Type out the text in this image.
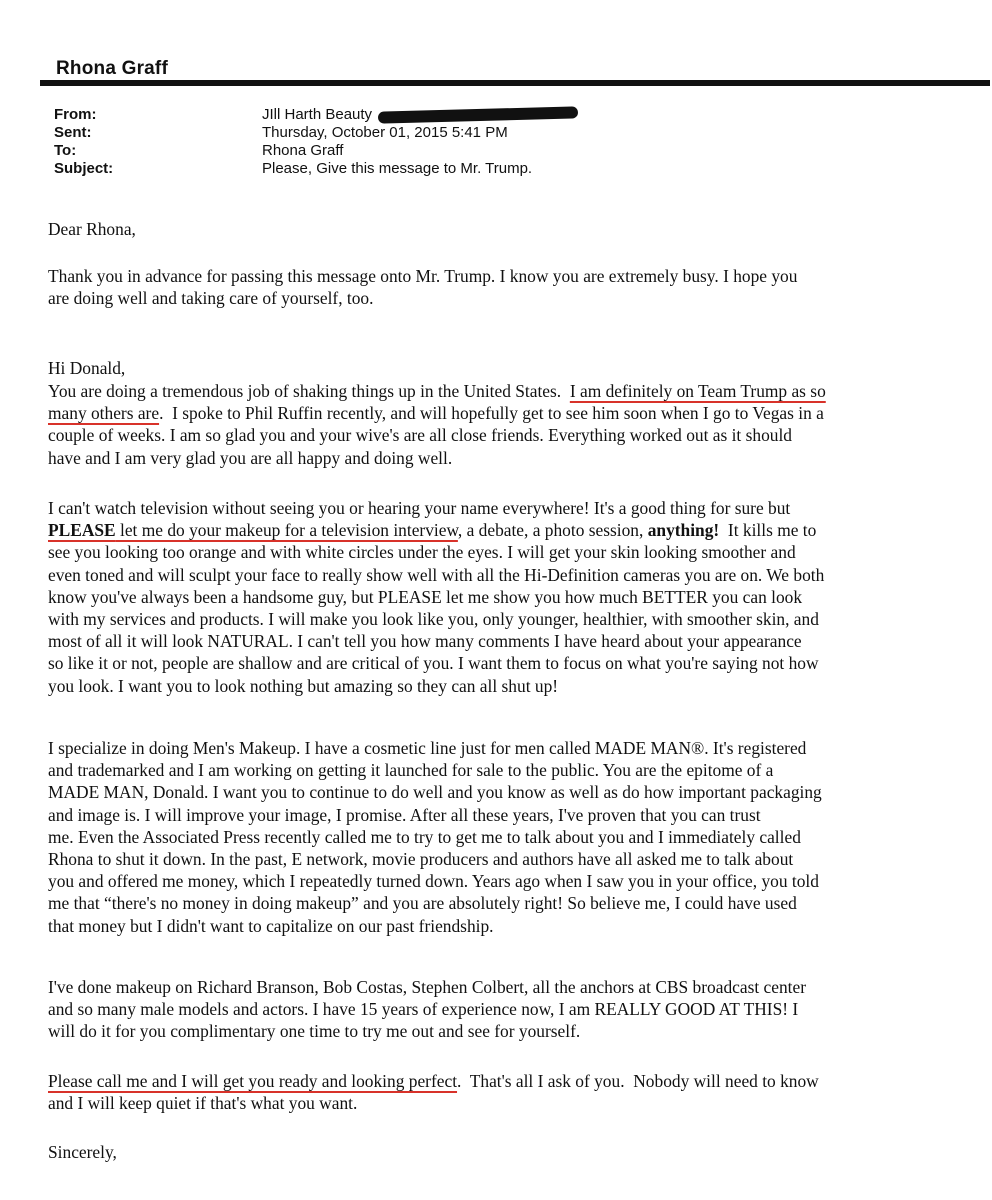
Rhona Graff
From:	JIll Harth Beauty
Sent:	Thursday, October 01, 2015 5:41 PM
To:	Rhona Graff
Subject:	Please, Give this message to Mr. Trump.
Dear Rhona,
Thank you in advance for passing this message onto Mr. Trump. I know you are extremely busy. I hope you
are doing well and taking care of yourself, too.
Hi Donald,
You are doing a tremendous job of shaking things up in the United States.  I am definitely on Team Trump as so
many others are.  I spoke to Phil Ruffin recently, and will hopefully get to see him soon when I go to Vegas in a
couple of weeks. I am so glad you and your wive's are all close friends. Everything worked out as it should
have and I am very glad you are all happy and doing well.
I can't watch television without seeing you or hearing your name everywhere! It's a good thing for sure but
PLEASE let me do your makeup for a television interview, a debate, a photo session, anything!  It kills me to
see you looking too orange and with white circles under the eyes. I will get your skin looking smoother and
even toned and will sculpt your face to really show well with all the Hi-Definition cameras you are on. We both
know you've always been a handsome guy, but PLEASE let me show you how much BETTER you can look
with my services and products. I will make you look like you, only younger, healthier, with smoother skin, and
most of all it will look NATURAL. I can't tell you how many comments I have heard about your appearance
so like it or not, people are shallow and are critical of you. I want them to focus on what you're saying not how
you look. I want you to look nothing but amazing so they can all shut up!
I specialize in doing Men's Makeup. I have a cosmetic line just for men called MADE MAN®. It's registered
and trademarked and I am working on getting it launched for sale to the public. You are the epitome of a
MADE MAN, Donald. I want you to continue to do well and you know as well as do how important packaging
and image is. I will improve your image, I promise. After all these years, I've proven that you can trust
me. Even the Associated Press recently called me to try to get me to talk about you and I immediately called
Rhona to shut it down. In the past, E network, movie producers and authors have all asked me to talk about
you and offered me money, which I repeatedly turned down. Years ago when I saw you in your office, you told
me that “there's no money in doing makeup” and you are absolutely right! So believe me, I could have used
that money but I didn't want to capitalize on our past friendship.
I've done makeup on Richard Branson, Bob Costas, Stephen Colbert, all the anchors at CBS broadcast center
and so many male models and actors. I have 15 years of experience now, I am REALLY GOOD AT THIS! I
will do it for you complimentary one time to try me out and see for yourself.
Please call me and I will get you ready and looking perfect.  That's all I ask of you.  Nobody will need to know
and I will keep quiet if that's what you want.
Sincerely,
